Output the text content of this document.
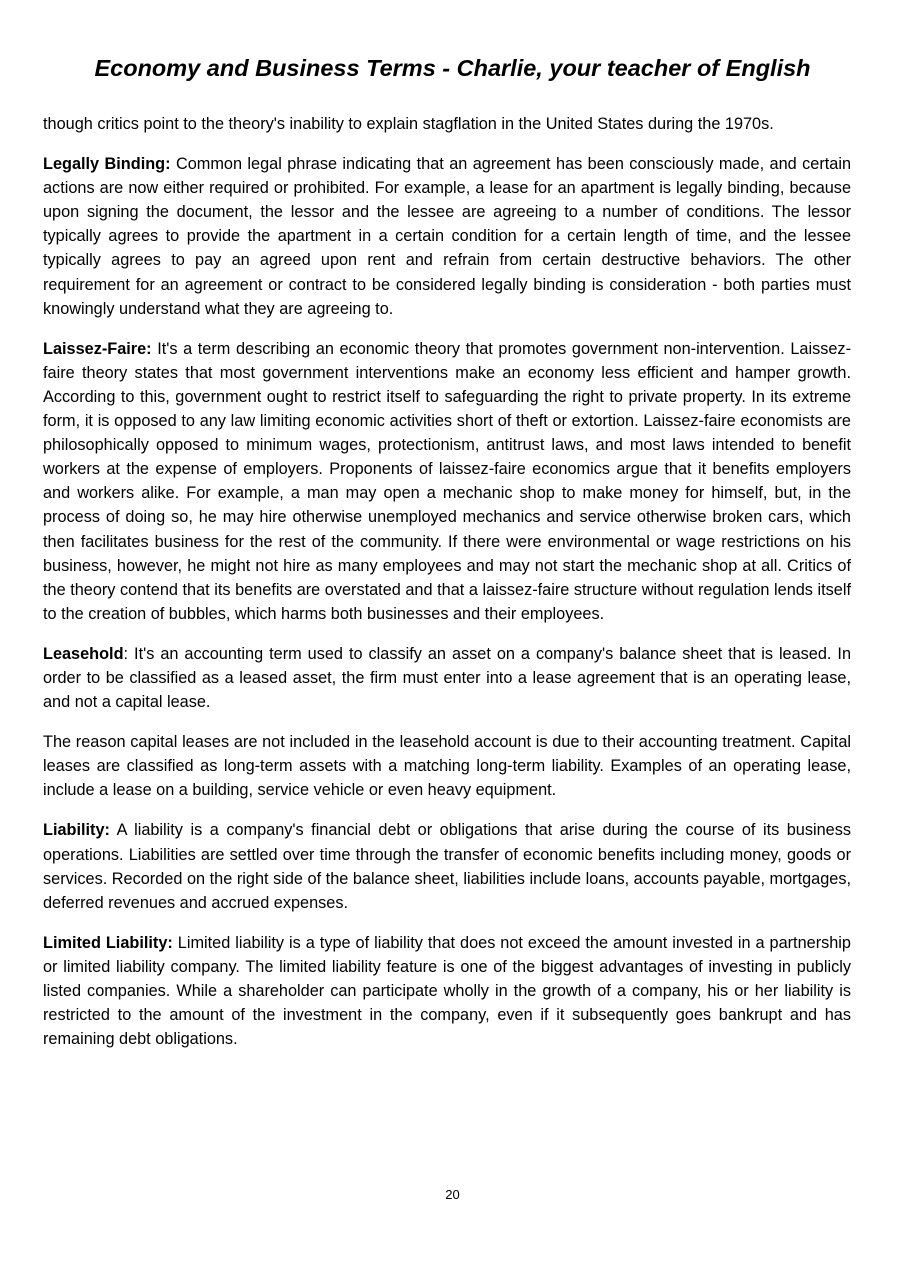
Economy and Business Terms - Charlie, your teacher of English

though critics point to the theory's inability to explain stagflation in the United States during the 1970s.

Legally Binding: Common legal phrase indicating that an agreement has been consciously made, and certain actions are now either required or prohibited. For example, a lease for an apartment is legally binding, because upon signing the document, the lessor and the lessee are agreeing to a number of conditions. The lessor typically agrees to provide the apartment in a certain condition for a certain length of time, and the lessee typically agrees to pay an agreed upon rent and refrain from certain destructive behaviors. The other requirement for an agreement or contract to be considered legally binding is consideration - both parties must knowingly understand what they are agreeing to.

Laissez-Faire: It's a term describing an economic theory that promotes government non-intervention. Laissez-faire theory states that most government interventions make an economy less efficient and hamper growth. According to this, government ought to restrict itself to safeguarding the right to private property. In its extreme form, it is opposed to any law limiting economic activities short of theft or extortion. Laissez-faire economists are philosophically opposed to minimum wages, protectionism, antitrust laws, and most laws intended to benefit workers at the expense of employers. Proponents of laissez-faire economics argue that it benefits employers and workers alike. For example, a man may open a mechanic shop to make money for himself, but, in the process of doing so, he may hire otherwise unemployed mechanics and service otherwise broken cars, which then facilitates business for the rest of the community. If there were environmental or wage restrictions on his business, however, he might not hire as many employees and may not start the mechanic shop at all. Critics of the theory contend that its benefits are overstated and that a laissez-faire structure without regulation lends itself to the creation of bubbles, which harms both businesses and their employees.

Leasehold: It's an accounting term used to classify an asset on a company's balance sheet that is leased. In order to be classified as a leased asset, the firm must enter into a lease agreement that is an operating lease, and not a capital lease.

The reason capital leases are not included in the leasehold account is due to their accounting treatment. Capital leases are classified as long-term assets with a matching long-term liability. Examples of an operating lease, include a lease on a building, service vehicle or even heavy equipment.

Liability: A liability is a company's financial debt or obligations that arise during the course of its business operations. Liabilities are settled over time through the transfer of economic benefits including money, goods or services. Recorded on the right side of the balance sheet, liabilities include loans, accounts payable, mortgages, deferred revenues and accrued expenses.

Limited Liability: Limited liability is a type of liability that does not exceed the amount invested in a partnership or limited liability company. The limited liability feature is one of the biggest advantages of investing in publicly listed companies. While a shareholder can participate wholly in the growth of a company, his or her liability is restricted to the amount of the investment in the company, even if it subsequently goes bankrupt and has remaining debt obligations.

20
